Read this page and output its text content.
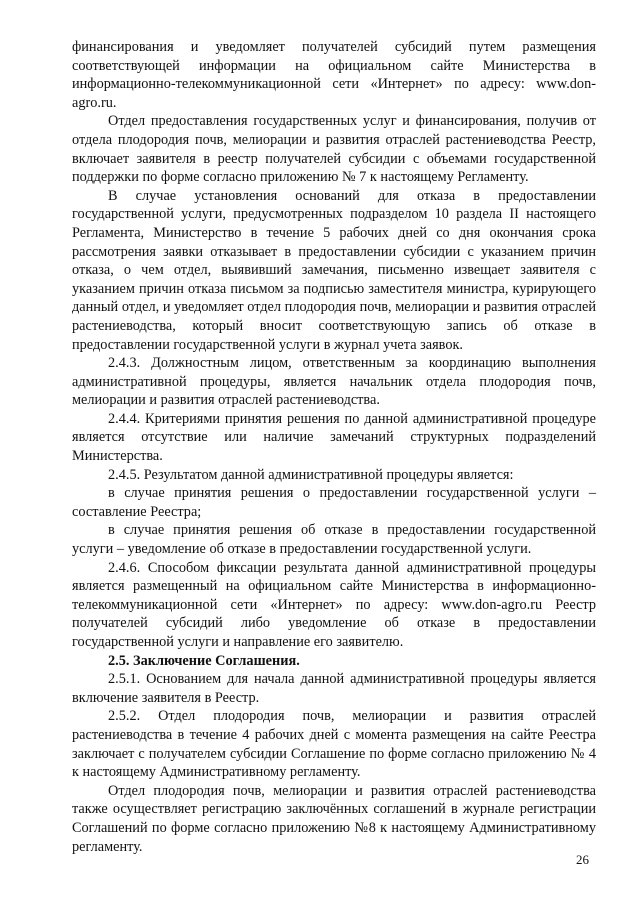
финансирования и уведомляет получателей субсидий путем размещения соответствующей информации на официальном сайте Министерства в информационно-телекоммуникационной сети «Интернет» по адресу: www.don-agro.ru.

Отдел предоставления государственных услуг и финансирования, получив от отдела плодородия почв, мелиорации и развития отраслей растениеводства Реестр, включает заявителя в реестр получателей субсидии с объемами государственной поддержки по форме согласно приложению № 7 к настоящему Регламенту.

В случае установления оснований для отказа в предоставлении государственной услуги, предусмотренных подразделом 10 раздела II настоящего Регламента, Министерство в течение 5 рабочих дней со дня окончания срока рассмотрения заявки отказывает в предоставлении субсидии с указанием причин отказа, о чем отдел, выявивший замечания, письменно извещает заявителя с указанием причин отказа письмом за подписью заместителя министра, курирующего данный отдел, и уведомляет отдел плодородия почв, мелиорации и развития отраслей растениеводства, который вносит соответствующую запись об отказе в предоставлении государственной услуги в журнал учета заявок.

2.4.3. Должностным лицом, ответственным за координацию выполнения административной процедуры, является начальник отдела плодородия почв, мелиорации и развития отраслей растениеводства.

2.4.4. Критериями принятия решения по данной административной процедуре является отсутствие или наличие замечаний структурных подразделений Министерства.

2.4.5. Результатом данной административной процедуры является:

в случае принятия решения о предоставлении государственной услуги – составление Реестра;

в случае принятия решения об отказе в предоставлении государственной услуги – уведомление об отказе в предоставлении государственной услуги.

2.4.6. Способом фиксации результата данной административной процедуры является размещенный на официальном сайте Министерства в информационно-телекоммуникационной сети «Интернет» по адресу: www.don-agro.ru Реестр получателей субсидий либо уведомление об отказе в предоставлении государственной услуги и направление его заявителю.

2.5. Заключение Соглашения.

2.5.1. Основанием для начала данной административной процедуры является включение заявителя в Реестр.

2.5.2. Отдел плодородия почв, мелиорации и развития отраслей растениеводства в течение 4 рабочих дней с момента размещения на сайте Реестра заключает с получателем субсидии Соглашение по форме согласно приложению № 4 к настоящему Административному регламенту.

Отдел плодородия почв, мелиорации и развития отраслей растениеводства также осуществляет регистрацию заключённых соглашений в журнале регистрации Соглашений по форме согласно приложению №8 к настоящему Административному регламенту.

26
